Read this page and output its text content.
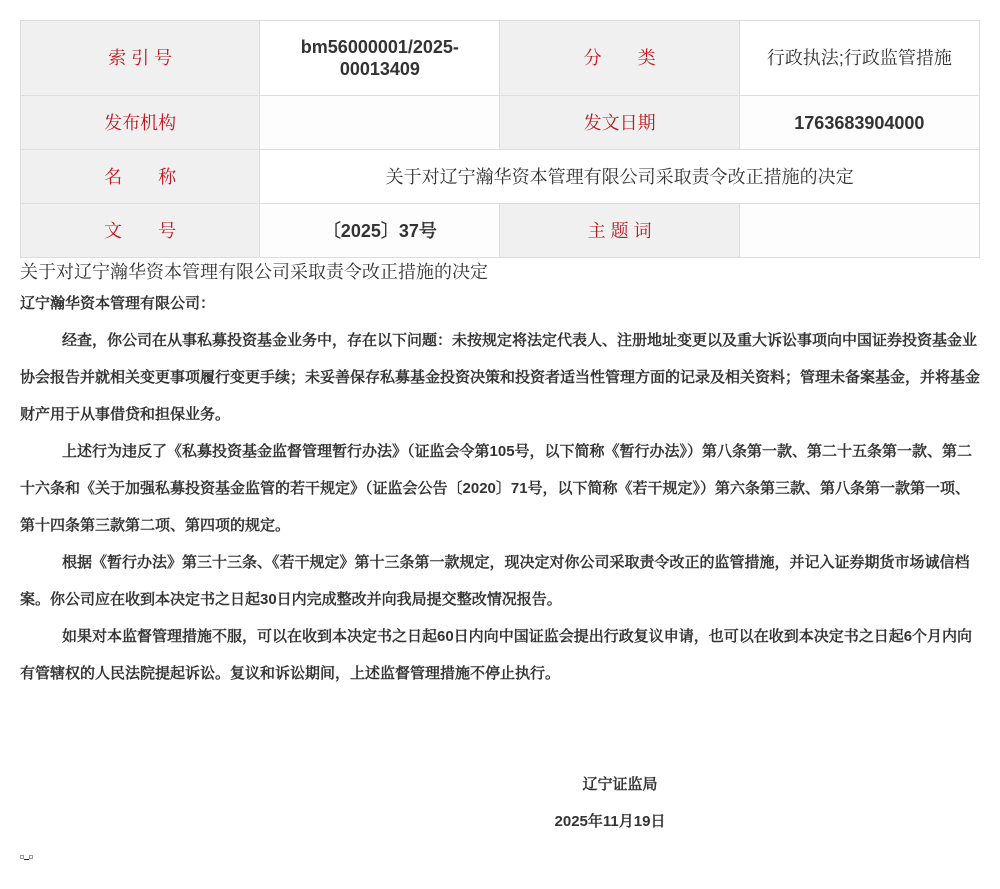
索 引 号	bm56000001/2025-00013409	分　　类	行政执法;行政监管措施
发布机构		发文日期	1763683904000
名　　称	关于对辽宁瀚华资本管理有限公司采取责令改正措施的决定		
文　　号	〔2025〕37号	主 题 词	
关于对辽宁瀚华资本管理有限公司采取责令改正措施的决定
辽宁瀚华资本管理有限公司：

经查，你公司在从事私募投资基金业务中，存在以下问题：未按规定将法定代表人、注册地址变更以及重大诉讼事项向中国证券投资基金业协会报告并就相关变更事项履行变更手续；未妥善保存私募基金投资决策和投资者适当性管理方面的记录及相关资料；管理未备案基金，并将基金财产用于从事借贷和担保业务。

上述行为违反了《私募投资基金监督管理暂行办法》（证监会令第105号，以下简称《暂行办法》）第八条第一款、第二十五条第一款、第二十六条和《关于加强私募投资基金监管的若干规定》（证监会公告〔2020〕71号，以下简称《若干规定》）第六条第三款、第八条第一款第一项、第十四条第三款第二项、第四项的规定。

根据《暂行办法》第三十三条、《若干规定》第十三条第一款规定，现决定对你公司采取责令改正的监管措施，并记入证券期货市场诚信档案。你公司应在收到本决定书之日起30日内完成整改并向我局提交整改情况报告。

如果对本监督管理措施不服，可以在收到本决定书之日起60日内向中国证监会提出行政复议申请，也可以在收到本决定书之日起6个月内向有管辖权的人民法院提起诉讼。复议和诉讼期间，上述监督管理措施不停止执行。

辽宁证监局
2025年11月19日
